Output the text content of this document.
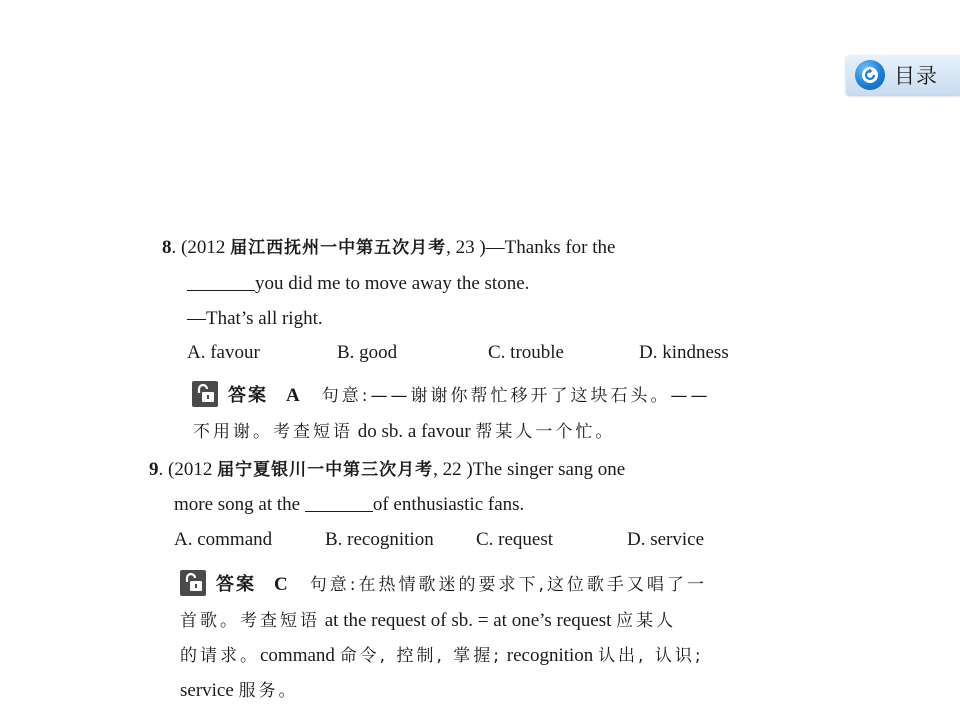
目录
8. (2012 届江西抚州一中第五次月考, 23 )—Thanks for the
you did me to move away the stone.
—That’s all right.
A. favour	B. good	C. trouble	D. kindness
答案 A 句意:——谢谢你帮忙移开了这块石头。——
不用谢。考查短语 do sb. a favour 帮某人一个忙。
9. (2012 届宁夏银川一中第三次月考, 22 )The singer sang one
more song at the	of enthusiastic fans.
A. command	B. recognition C. request	D. service
答案 C 句意:在热情歌迷的要求下,这位歌手又唱了一
首歌。考查短语 at the request of sb. = at one’s request 应某人
的请求。command 命令, 控制, 掌握; recognition 认出, 认识;
service 服务。
